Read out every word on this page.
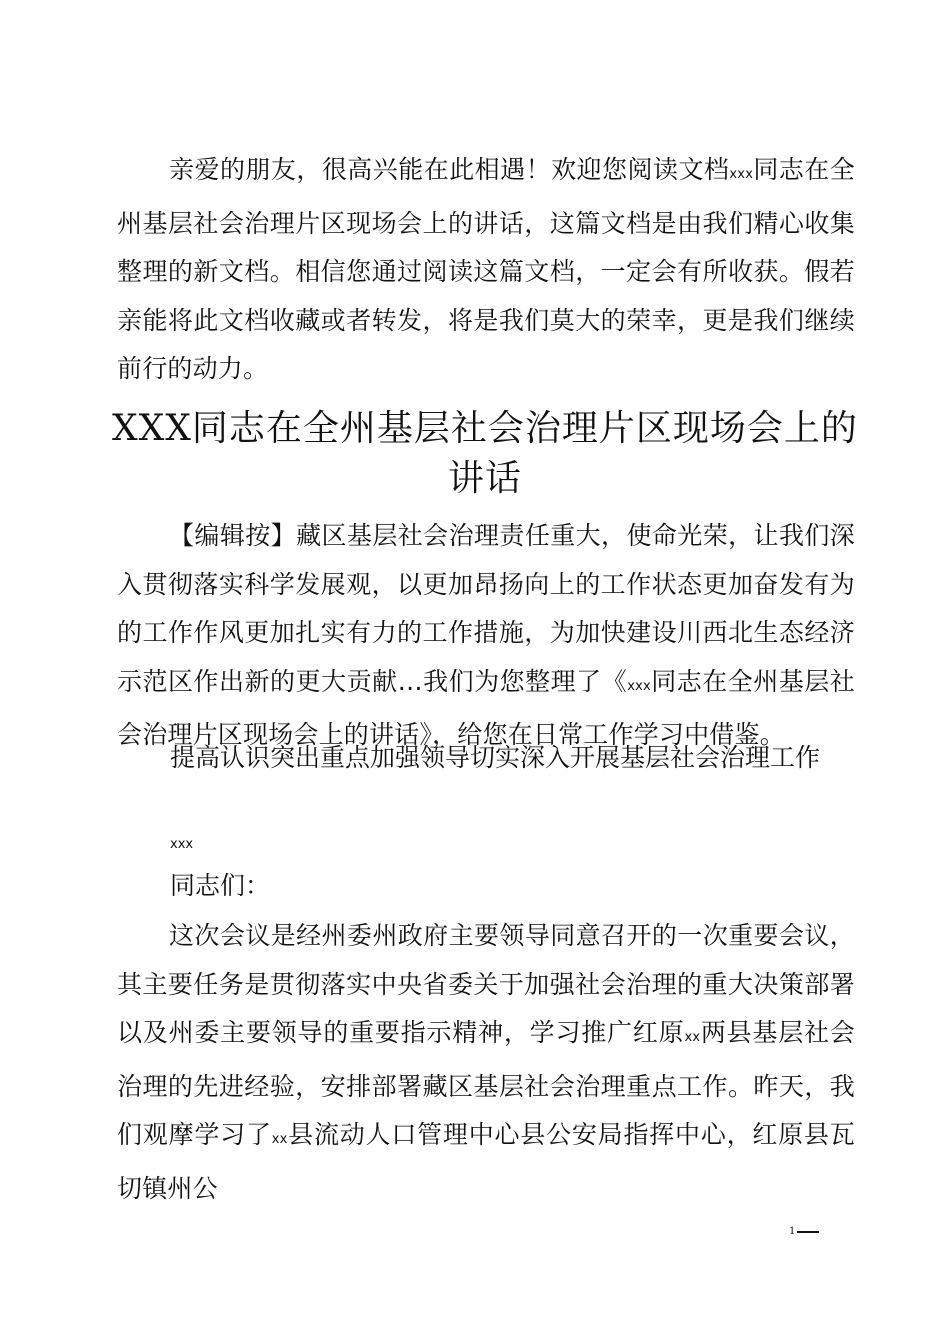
亲爱的朋友，很高兴能在此相遇！欢迎您阅读文档xxx同志在全州基层社会治理片区现场会上的讲话，这篇文档是由我们精心收集整理的新文档。相信您通过阅读这篇文档，一定会有所收获。假若亲能将此文档收藏或者转发，将是我们莫大的荣幸，更是我们继续前行的动力。

XXX同志在全州基层社会治理片区现场会上的
讲话

【编辑按】藏区基层社会治理责任重大，使命光荣，让我们深入贯彻落实科学发展观，以更加昂扬向上的工作状态更加奋发有为的工作作风更加扎实有力的工作措施，为加快建设川西北生态经济示范区作出新的更大贡献…我们为您整理了《xxx同志在全州基层社会治理片区现场会上的讲话》，给您在日常工作学习中借鉴。

提高认识突出重点加强领导切实深入开展基层社会治理工作
xxx
同志们：

这次会议是经州委州政府主要领导同意召开的一次重要会议，其主要任务是贯彻落实中央省委关于加强社会治理的重大决策部署以及州委主要领导的重要指示精神，学习推广红原xx两县基层社会治理的先进经验，安排部署藏区基层社会治理重点工作。昨天，我们观摩学习了xx县流动人口管理中心县公安局指挥中心，红原县瓦切镇州公

1
